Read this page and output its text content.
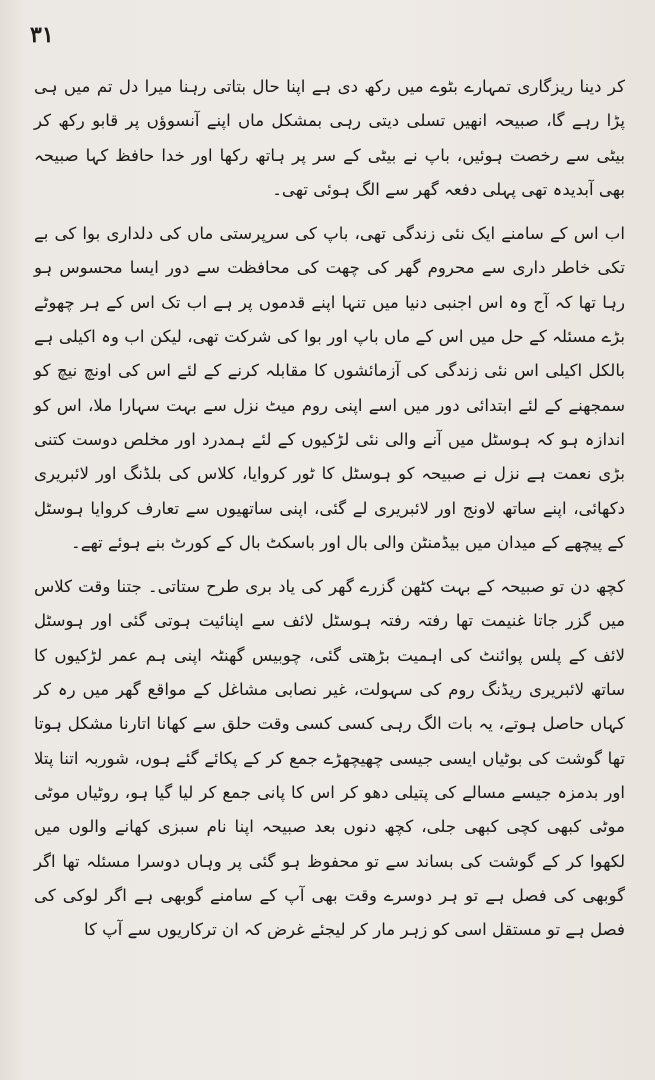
۳۱

کر دینا ریزگاری تمہارے بٹوے میں رکھ دی ہے اپنا حال بتاتی رہنا میرا دل تم میں ہی پڑا رہے گا، صبیحہ انھیں تسلی دیتی رہی بمشکل ماں اپنے آنسوؤں پر قابو رکھ کر بیٹی سے رخصت ہوئیں، باپ نے بیٹی کے سر پر ہاتھ رکھا اور خدا حافظ کہا صبیحہ بھی آبدیدہ تھی پہلی دفعہ گھر سے الگ ہوئی تھی۔

اب اس کے سامنے ایک نئی زندگی تھی، باپ کی سرپرستی ماں کی دلداری بوا کی بے تکی خاطر داری سے محروم گھر کی چھت کی محافظت سے دور ایسا محسوس ہو رہا تھا کہ آج وہ اس اجنبی دنیا میں تنہا اپنے قدموں پر ہے اب تک اس کے ہر چھوٹے بڑے مسئلہ کے حل میں اس کے ماں باپ اور بوا کی شرکت تھی، لیکن اب وہ اکیلی ہے بالکل اکیلی اس نئی زندگی کی آزمائشوں کا مقابلہ کرنے کے لئے اس کی اونچ نیچ کو سمجھنے کے لئے ابتدائی دور میں اسے اپنی روم میٹ نزل سے بہت سہارا ملا، اس کو اندازہ ہو کہ ہوسٹل میں آنے والی نئی لڑکیوں کے لئے ہمدرد اور مخلص دوست کتنی بڑی نعمت ہے نزل نے صبیحہ کو ہوسٹل کا ٹور کروایا، کلاس کی بلڈنگ اور لائبریری دکھائی، اپنے ساتھ لاونج اور لائبریری لے گئی، اپنی ساتھیوں سے تعارف کروایا ہوسٹل کے پیچھے کے میدان میں بیڈمنٹن والی بال اور باسکٹ بال کے کورٹ بنے ہوئے تھے۔

کچھ دن تو صبیحہ کے بہت کٹھن گزرے گھر کی یاد بری طرح ستاتی۔ جتنا وقت کلاس میں گزر جاتا غنیمت تھا رفتہ رفتہ ہوسٹل لائف سے اپنائیت ہوتی گئی اور ہوسٹل لائف کے پلس پوائنٹ کی اہمیت بڑھتی گئی، چوبیس گھنٹہ اپنی ہم عمر لڑکیوں کا ساتھ لائبریری ریڈنگ روم کی سہولت، غیر نصابی مشاغل کے مواقع گھر میں رہ کر کہاں حاصل ہوتے، یہ بات الگ رہی کسی کسی وقت حلق سے کھانا اتارنا مشکل ہوتا تھا گوشت کی بوٹیاں ایسی جیسی چھیچھڑے جمع کر کے پکائے گئے ہوں، شوربہ اتنا پتلا اور بدمزہ جیسے مسالے کی پتیلی دھو کر اس کا پانی جمع کر لیا گیا ہو، روٹیاں موٹی موٹی کبھی کچی کبھی جلی، کچھ دنوں بعد صبیحہ اپنا نام سبزی کھانے والوں میں لکھوا کر کے گوشت کی بساند سے تو محفوظ ہو گئی پر وہاں دوسرا مسئلہ تھا اگر گوبھی کی فصل ہے تو ہر دوسرے وقت بھی آپ کے سامنے گوبھی ہے اگر لوکی کی فصل ہے تو مستقل اسی کو زہر مار کر لیجئے غرض کہ ان ترکاریوں سے آپ کا
